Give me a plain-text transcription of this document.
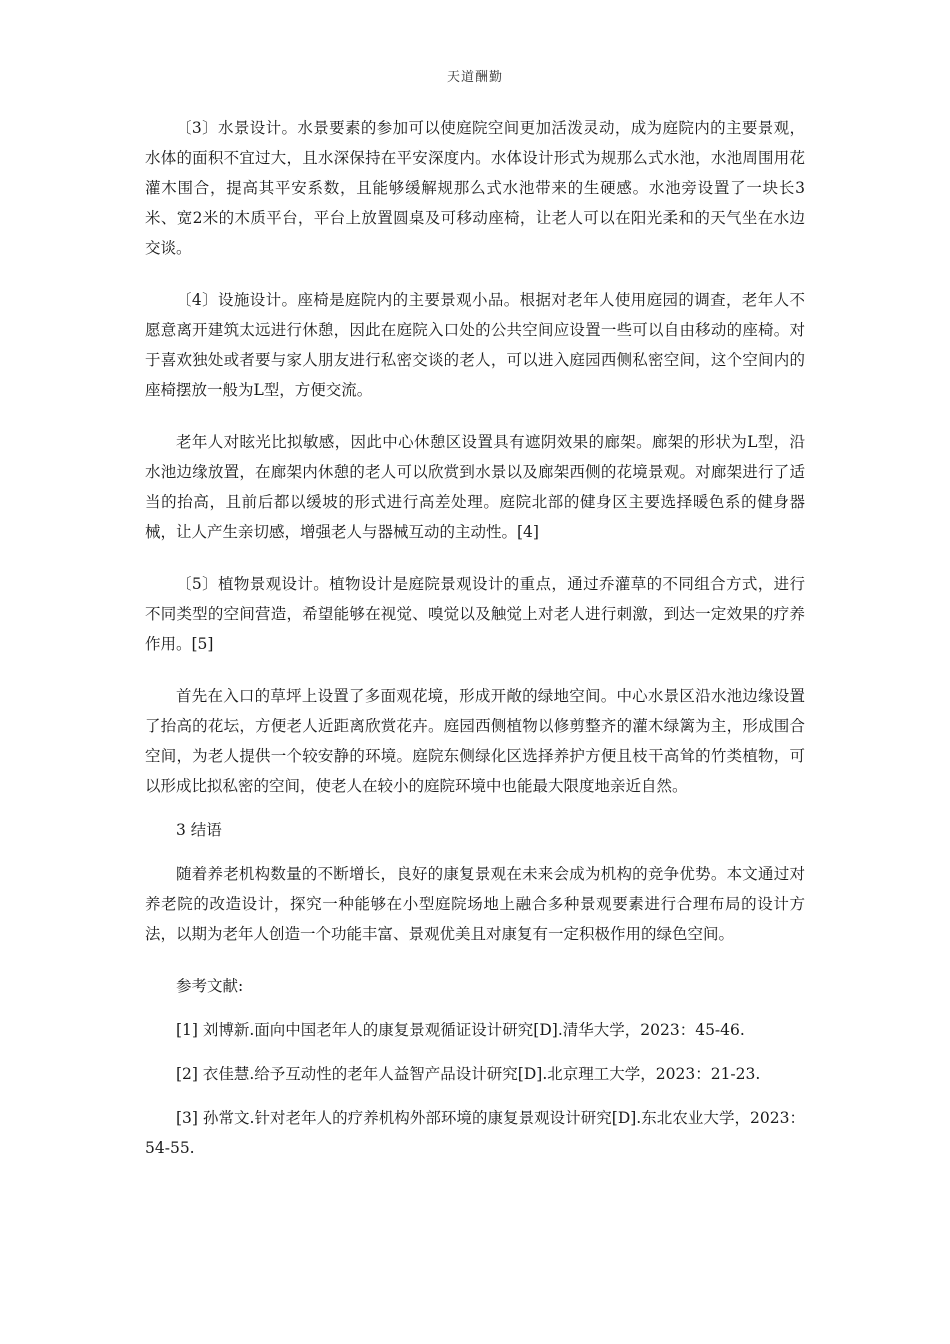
天道酬勤

〔3〕水景设计。水景要素的参加可以使庭院空间更加活泼灵动，成为庭院内的主要景观，水体的面积不宜过大，且水深保持在平安深度内。水体设计形式为规那么式水池，水池周围用花灌木围合，提高其平安系数，且能够缓解规那么式水池带来的生硬感。水池旁设置了一块长3米、宽2米的木质平台，平台上放置圆桌及可移动座椅，让老人可以在阳光柔和的天气坐在水边交谈。

〔4〕设施设计。座椅是庭院内的主要景观小品。根据对老年人使用庭园的调查，老年人不愿意离开建筑太远进行休憩，因此在庭院入口处的公共空间应设置一些可以自由移动的座椅。对于喜欢独处或者要与家人朋友进行私密交谈的老人，可以进入庭园西侧私密空间，这个空间内的座椅摆放一般为L型，方便交流。

老年人对眩光比拟敏感，因此中心休憩区设置具有遮阴效果的廊架。廊架的形状为L型，沿水池边缘放置，在廊架内休憩的老人可以欣赏到水景以及廊架西侧的花境景观。对廊架进行了适当的抬高，且前后都以缓坡的形式进行高差处理。庭院北部的健身区主要选择暖色系的健身器械，让人产生亲切感，增强老人与器械互动的主动性。[4]

〔5〕植物景观设计。植物设计是庭院景观设计的重点，通过乔灌草的不同组合方式，进行不同类型的空间营造，希望能够在视觉、嗅觉以及触觉上对老人进行刺激，到达一定效果的疗养作用。[5]

首先在入口的草坪上设置了多面观花境，形成开敞的绿地空间。中心水景区沿水池边缘设置了抬高的花坛，方便老人近距离欣赏花卉。庭园西侧植物以修剪整齐的灌木绿篱为主，形成围合空间，为老人提供一个较安静的环境。庭院东侧绿化区选择养护方便且枝干高耸的竹类植物，可以形成比拟私密的空间，使老人在较小的庭院环境中也能最大限度地亲近自然。

3 结语

随着养老机构数量的不断增长，良好的康复景观在未来会成为机构的竞争优势。本文通过对养老院的改造设计，探究一种能够在小型庭院场地上融合多种景观要素进行合理布局的设计方法，以期为老年人创造一个功能丰富、景观优美且对康复有一定积极作用的绿色空间。

参考文献:

[1] 刘博新.面向中国老年人的康复景观循证设计研究[D].清华大学，2023：45-46.

[2] 衣佳慧.给予互动性的老年人益智产品设计研究[D].北京理工大学，2023：21-23.

[3] 孙常文.针对老年人的疗养机构外部环境的康复景观设计研究[D].东北农业大学，2023：54-55.
